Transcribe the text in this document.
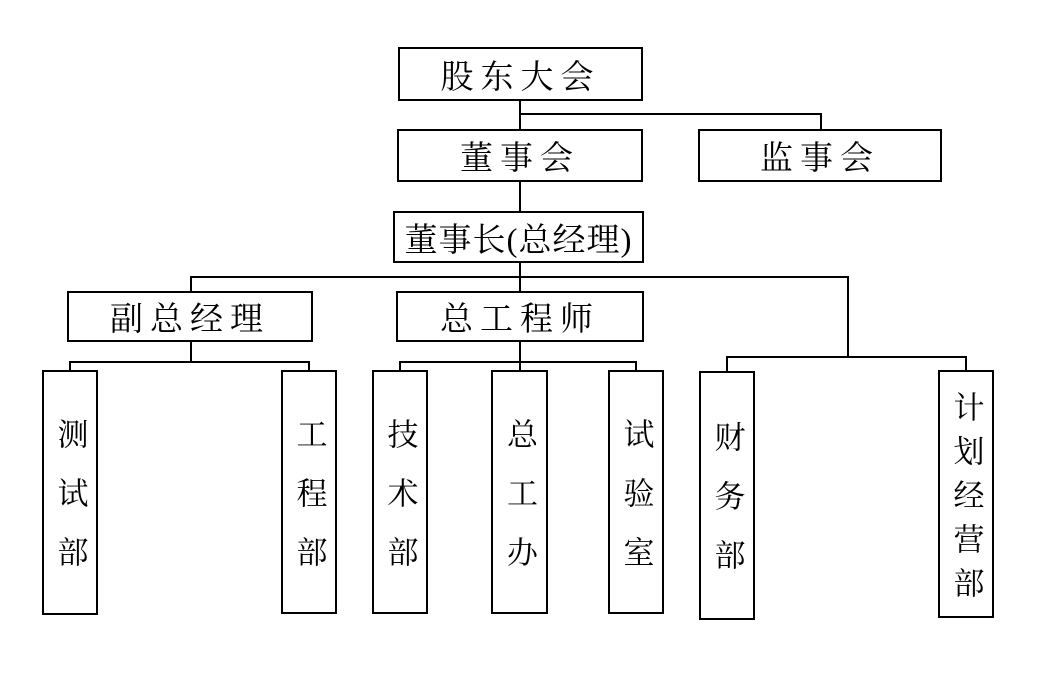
股东大会
董事会	监事会
董事长(总经理)
副总经理	总工程师
测试部	工程部 技术部	总工办	试验室 财务部	计划经营部
